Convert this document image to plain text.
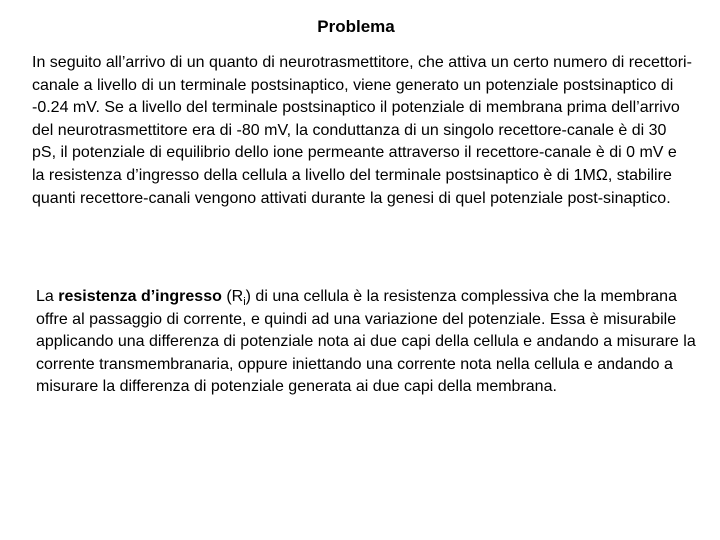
Problema

In seguito all’arrivo di un quanto di neurotrasmettitore, che attiva un certo numero di recettori-canale a livello di un terminale postsinaptico, viene generato un potenziale postsinaptico di -0.24 mV. Se a livello del terminale postsinaptico il potenziale di membrana prima dell’arrivo del neurotrasmettitore era di -80 mV, la conduttanza di un singolo recettore-canale è di 30 pS, il potenziale di equilibrio dello ione permeante attraverso il recettore-canale è di 0 mV e la resistenza d’ingresso della cellula a livello del terminale postsinaptico è di 1MΩ, stabilire quanti recettore-canali vengono attivati durante la genesi di quel potenziale post-sinaptico.

La resistenza d’ingresso $(R_i)$ di una cellula è la resistenza complessiva che la membrana offre al passaggio di corrente, e quindi ad una variazione del potenziale. Essa è misurabile applicando una differenza di potenziale nota ai due capi della cellula e andando a misurare la corrente transmembranaria, oppure iniettando una corrente nota nella cellula e andando a misurare la differenza di potenziale generata ai due capi della membrana.
